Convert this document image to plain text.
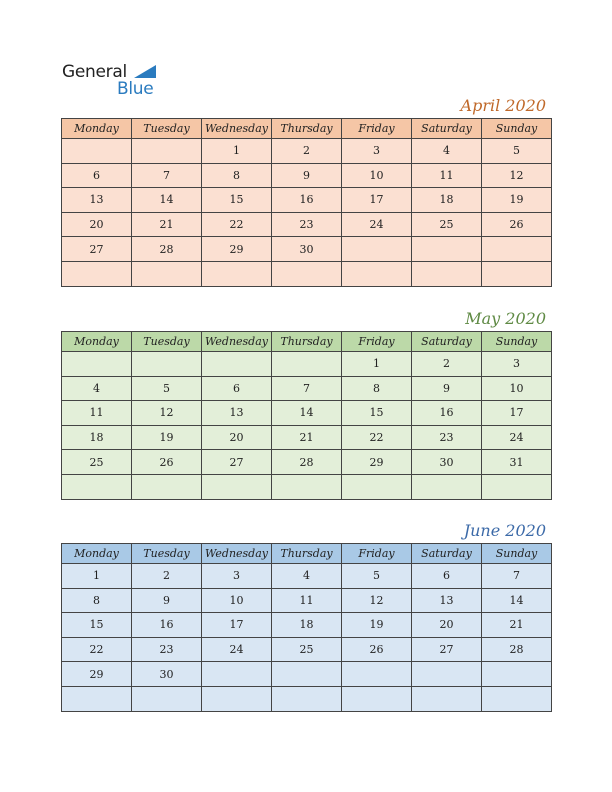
General
Blue
April 2020
Monday	Tuesday	Wednesday	Thursday	Friday	Saturday	Sunday
		1	2	3	4	5
6	7	8	9	10	11	12
13	14	15	16	17	18	19
20	21	22	23	24	25	26
27	28	29	30			

May 2020
Monday	Tuesday	Wednesday	Thursday	Friday	Saturday	Sunday
				1	2	3
4	5	6	7	8	9	10
11	12	13	14	15	16	17
18	19	20	21	22	23	24
25	26	27	28	29	30	31

June 2020
Monday	Tuesday	Wednesday	Thursday	Friday	Saturday	Sunday
1	2	3	4	5	6	7
8	9	10	11	12	13	14
15	16	17	18	19	20	21
22	23	24	25	26	27	28
29	30					
